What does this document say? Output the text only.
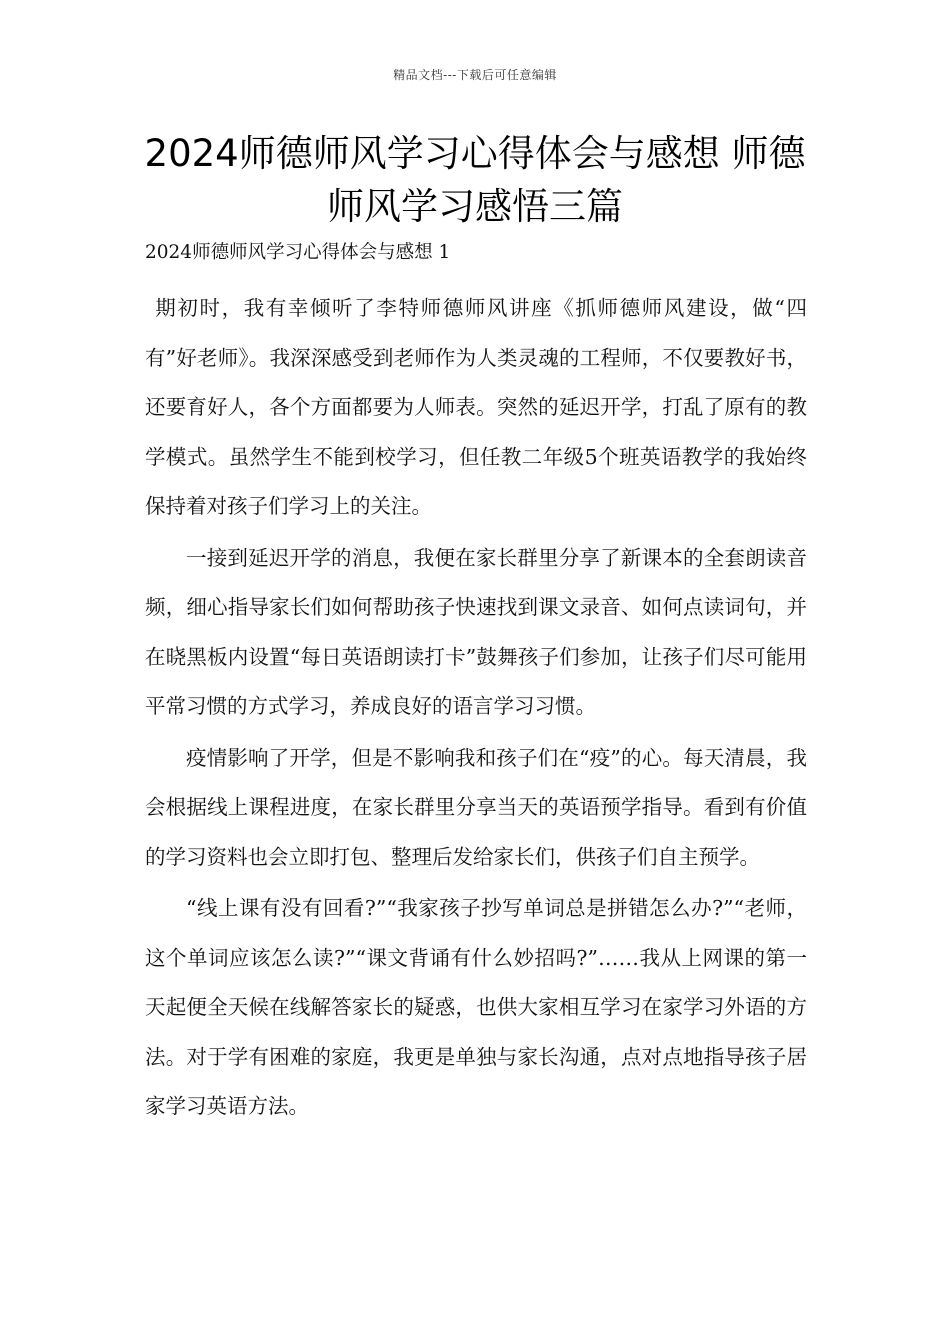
精品文档---下载后可任意编辑
2024师德师风学习心得体会与感想 师德师风学习感悟三篇

2024师德师风学习心得体会与感想 1

期初时，我有幸倾听了李特师德师风讲座《抓师德师风建设，做“四有”好老师》。我深深感受到老师作为人类灵魂的工程师，不仅要教好书，还要育好人，各个方面都要为人师表。突然的延迟开学，打乱了原有的教学模式。虽然学生不能到校学习，但任教二年级5个班英语教学的我始终保持着对孩子们学习上的关注。

一接到延迟开学的消息，我便在家长群里分享了新课本的全套朗读音频，细心指导家长们如何帮助孩子快速找到课文录音、如何点读词句，并在晓黑板内设置“每日英语朗读打卡”鼓舞孩子们参加，让孩子们尽可能用平常习惯的方式学习，养成良好的语言学习习惯。

疫情影响了开学，但是不影响我和孩子们在“疫”的心。每天清晨，我会根据线上课程进度，在家长群里分享当天的英语预学指导。看到有价值的学习资料也会立即打包、整理后发给家长们，供孩子们自主预学。

“线上课有没有回看?”“我家孩子抄写单词总是拼错怎么办?”“老师，这个单词应该怎么读?”“课文背诵有什么妙招吗?”……我从上网课的第一天起便全天候在线解答家长的疑惑，也供大家相互学习在家学习外语的方法。对于学有困难的家庭，我更是单独与家长沟通，点对点地指导孩子居家学习英语方法。
